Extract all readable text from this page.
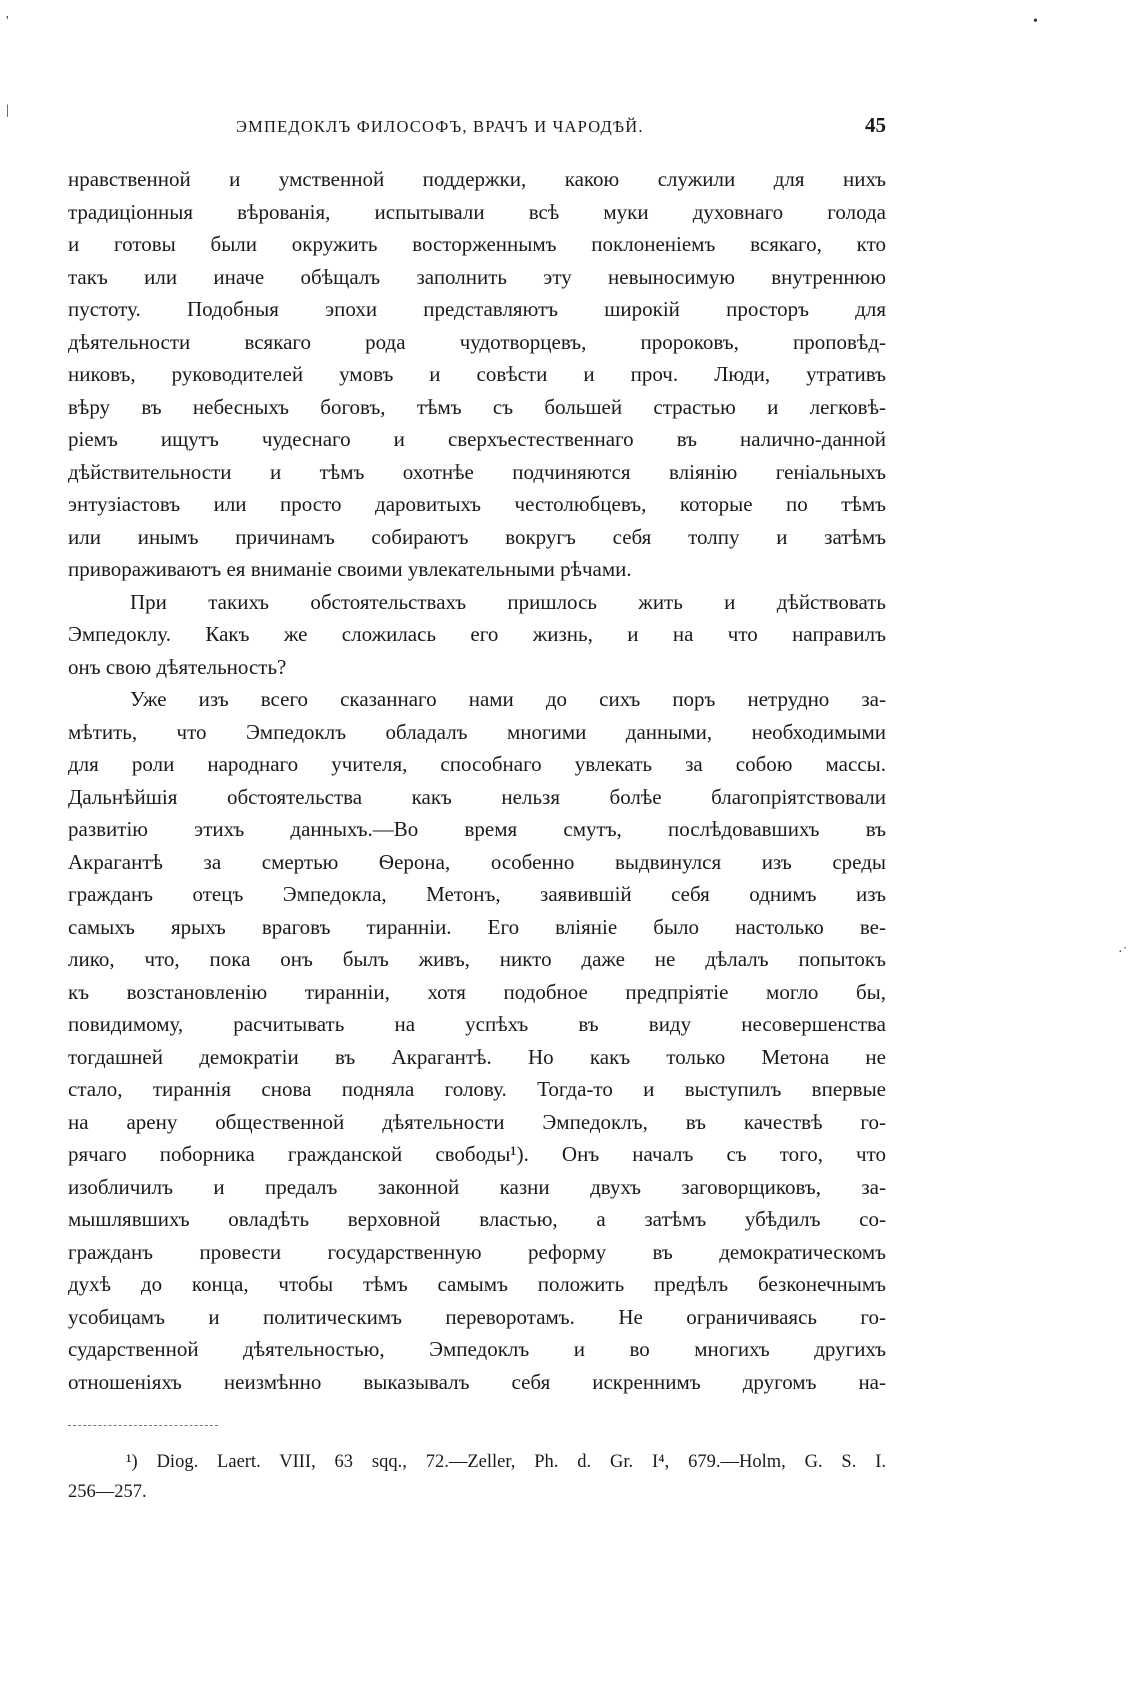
ЭМПЕДОКЛЪ ФИЛОСОФЪ, ВРАЧЪ И ЧАРОДѢЙ.	45
нравственной и умственной поддержки, какою служили для нихъ
традиціонныя вѣрованія, испытывали всѣ муки духовнаго голода
и готовы были окружить восторженнымъ поклоненіемъ всякаго, кто
такъ или иначе обѣщалъ заполнить эту невыносимую внутреннюю
пустоту. Подобныя эпохи представляютъ широкій просторъ для
дѣятельности всякаго рода чудотворцевъ, пророковъ, проповѣд-
никовъ, руководителей умовъ и совѣсти и проч. Люди, утративъ
вѣру въ небесныхъ боговъ, тѣмъ съ большей страстью и легковѣ-
ріемъ ищутъ чудеснаго и сверхъестественнаго въ налично-данной
дѣйствительности и тѣмъ охотнѣе подчиняются вліянію геніальныхъ
энтузіастовъ или просто даровитыхъ честолюбцевъ, которые по тѣмъ
или инымъ причинамъ собираютъ вокругъ себя толпу и затѣмъ
привораживаютъ ея вниманіе своими увлекательными рѣчами.
При такихъ обстоятельствахъ пришлось жить и дѣйствовать
Эмпедоклу. Какъ же сложилась его жизнь, и на что направилъ
онъ свою дѣятельность?
Уже изъ всего сказаннаго нами до сихъ поръ нетрудно за-
мѣтить, что Эмпедоклъ обладалъ многими данными, необходимыми
для роли народнаго учителя, способнаго увлекать за собою массы.
Дальнѣйшія обстоятельства какъ нельзя болѣе благопріятствовали
развитію этихъ данныхъ.—Во время смутъ, послѣдовавшихъ въ
Акрагантѣ за смертью Ѳерона, особенно выдвинулся изъ среды
гражданъ отецъ Эмпедокла, Метонъ, заявившій себя однимъ изъ
самыхъ ярыхъ враговъ тиранніи. Его вліяніе было настолько ве-
лико, что, пока онъ былъ живъ, никто даже не дѣлалъ попытокъ
къ возстановленію тиранніи, хотя подобное предпріятіе могло бы,
повидимому, расчитывать на успѣхъ въ виду несовершенства
тогдашней демократіи въ Акрагантѣ. Но какъ только Метона не
стало, тираннія снова подняла голову. Тогда-то и выступилъ впервые
на арену общественной дѣятельности Эмпедоклъ, въ качествѣ го-
рячаго поборника гражданской свободы¹). Онъ началъ съ того, что
изобличилъ и предалъ законной казни двухъ заговорщиковъ, за-
мышлявшихъ овладѣть верховной властью, а затѣмъ убѣдилъ со-
гражданъ провести государственную реформу въ демократическомъ
духѣ до конца, чтобы тѣмъ самымъ положить предѣлъ безконечнымъ
усобицамъ и политическимъ переворотамъ. Не ограничиваясь го-
сударственной дѣятельностью, Эмпедоклъ и во многихъ другихъ
отношеніяхъ неизмѣнно выказывалъ себя искреннимъ другомъ на-
¹) Diog. Laert. VIII, 63 sqq., 72.—Zeller, Ph. d. Gr. I⁴, 679.—Holm, G. S. I.
256—257.
'	•
|
·˙
